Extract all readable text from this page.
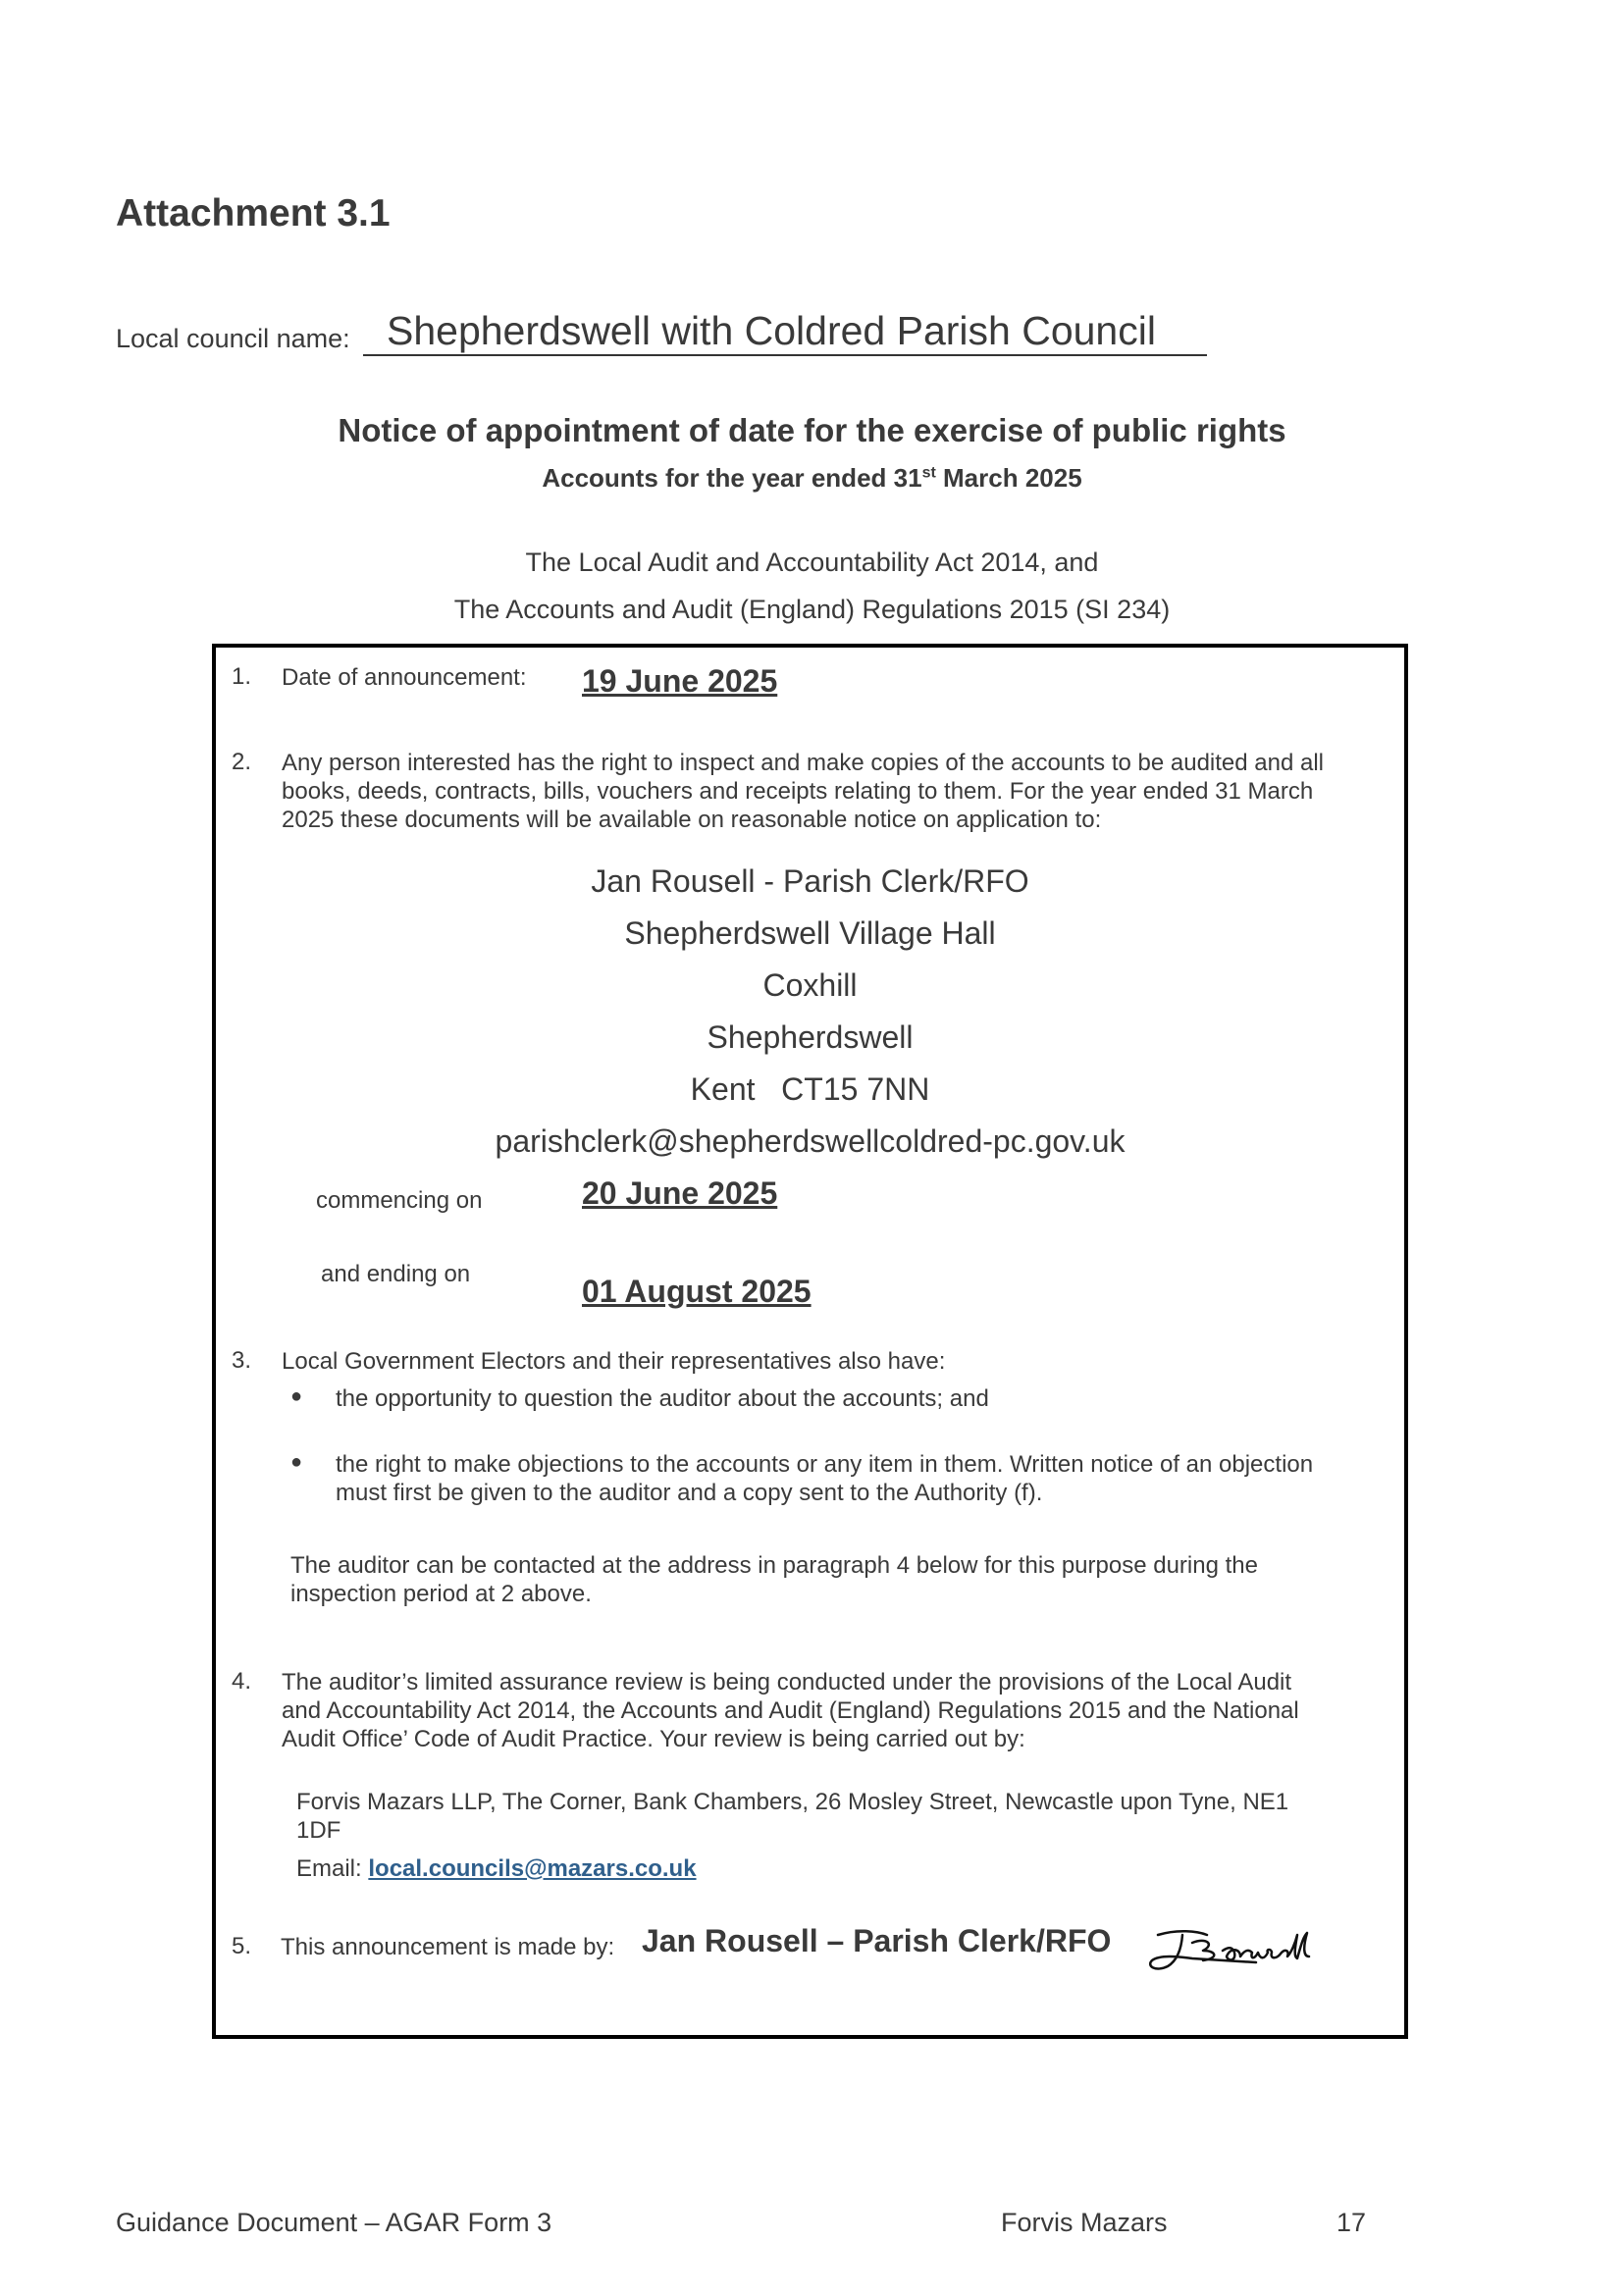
Attachment 3.1
Local council name: Shepherdswell with Coldred Parish Council
Notice of appointment of date for the exercise of public rights
Accounts for the year ended 31st March 2025
The Local Audit and Accountability Act 2014, and
The Accounts and Audit (England) Regulations 2015 (SI 234)
1. Date of announcement: 19 June 2025
2. Any person interested has the right to inspect and make copies of the accounts to be audited and all
books, deeds, contracts, bills, vouchers and receipts relating to them. For the year ended 31 March
2025 these documents will be available on reasonable notice on application to:
Jan Rousell - Parish Clerk/RFO
Shepherdswell Village Hall
Coxhill
Shepherdswell
Kent   CT15 7NN
parishclerk@shepherdswellcoldred-pc.gov.uk
commencing on	20 June 2025
and ending on	01 August 2025
3. Local Government Electors and their representatives also have:
● the opportunity to question the auditor about the accounts; and
● the right to make objections to the accounts or any item in them. Written notice of an objection
must first be given to the auditor and a copy sent to the Authority (f).
The auditor can be contacted at the address in paragraph 4 below for this purpose during the
inspection period at 2 above.
4. The auditor’s limited assurance review is being conducted under the provisions of the Local Audit
and Accountability Act 2014, the Accounts and Audit (England) Regulations 2015 and the National
Audit Office’ Code of Audit Practice. Your review is being carried out by:
Forvis Mazars LLP, The Corner, Bank Chambers, 26 Mosley Street, Newcastle upon Tyne, NE1
1DF
Email: local.councils@mazars.co.uk
5. This announcement is made by: Jan Rousell – Parish Clerk/RFO
Guidance Document – AGAR Form 3	Forvis Mazars	17
